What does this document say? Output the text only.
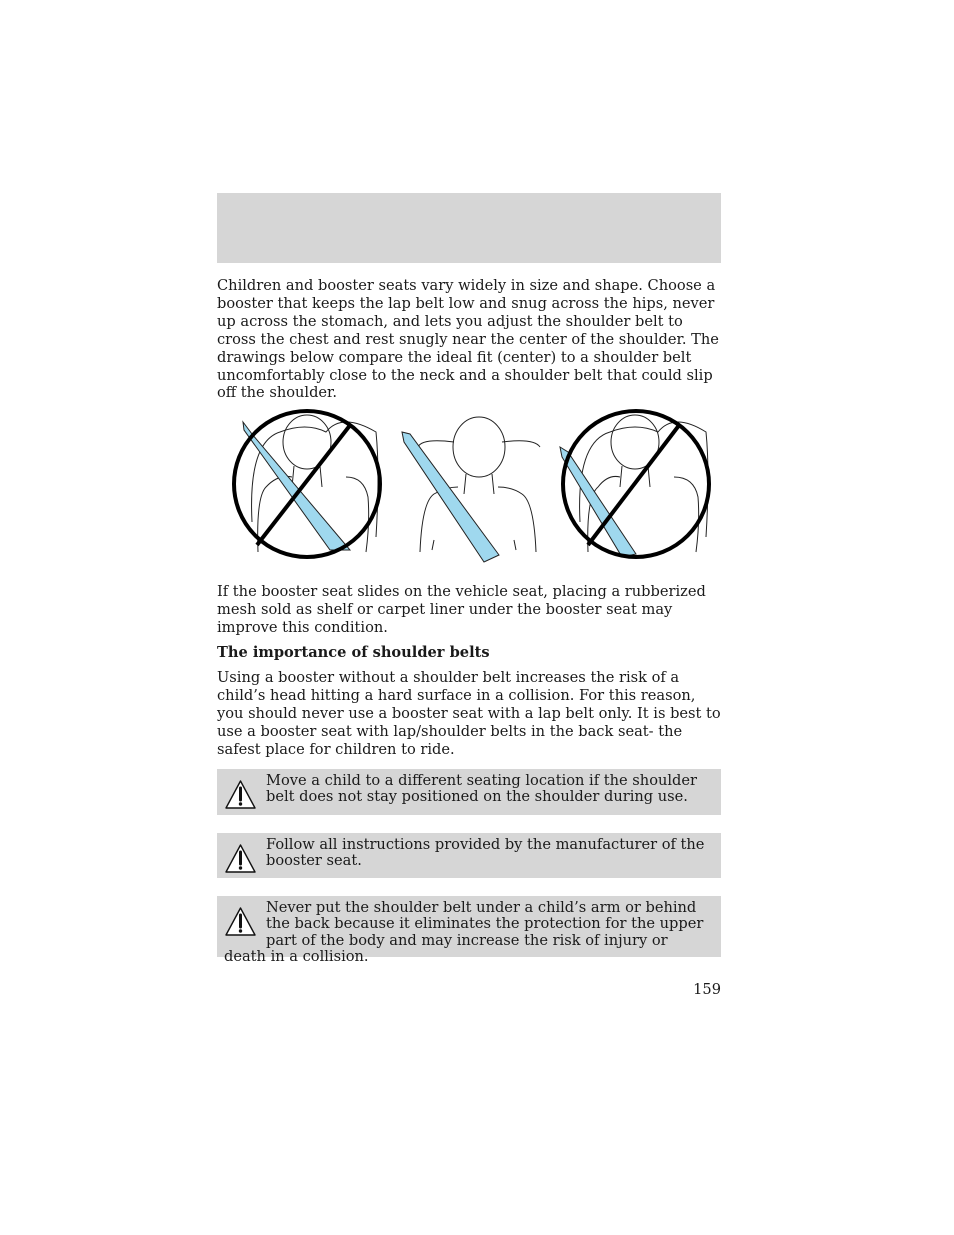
Children and booster seats vary widely in size and shape. Choose a booster that keeps the lap belt low and snug across the hips, never up across the stomach, and lets you adjust the shoulder belt to cross the chest and rest snugly near the center of the shoulder. The drawings below compare the ideal fit (center) to a shoulder belt uncomfortably close to the neck and a shoulder belt that could slip off the shoulder.

If the booster seat slides on the vehicle seat, placing a rubberized mesh sold as shelf or carpet liner under the booster seat may improve this condition.

The importance of shoulder belts

Using a booster without a shoulder belt increases the risk of a child’s head hitting a hard surface in a collision. For this reason, you should never use a booster seat with a lap belt only. It is best to use a booster seat with lap/shoulder belts in the back seat- the safest place for children to ride.

Move a child to a different seating location if the shoulder belt does not stay positioned on the shoulder during use.
Follow all instructions provided by the manufacturer of the booster seat.
Never put the shoulder belt under a child’s arm or behind the back because it eliminates the protection for the upper part of the body and may increase the risk of injury or death in a collision.
159
